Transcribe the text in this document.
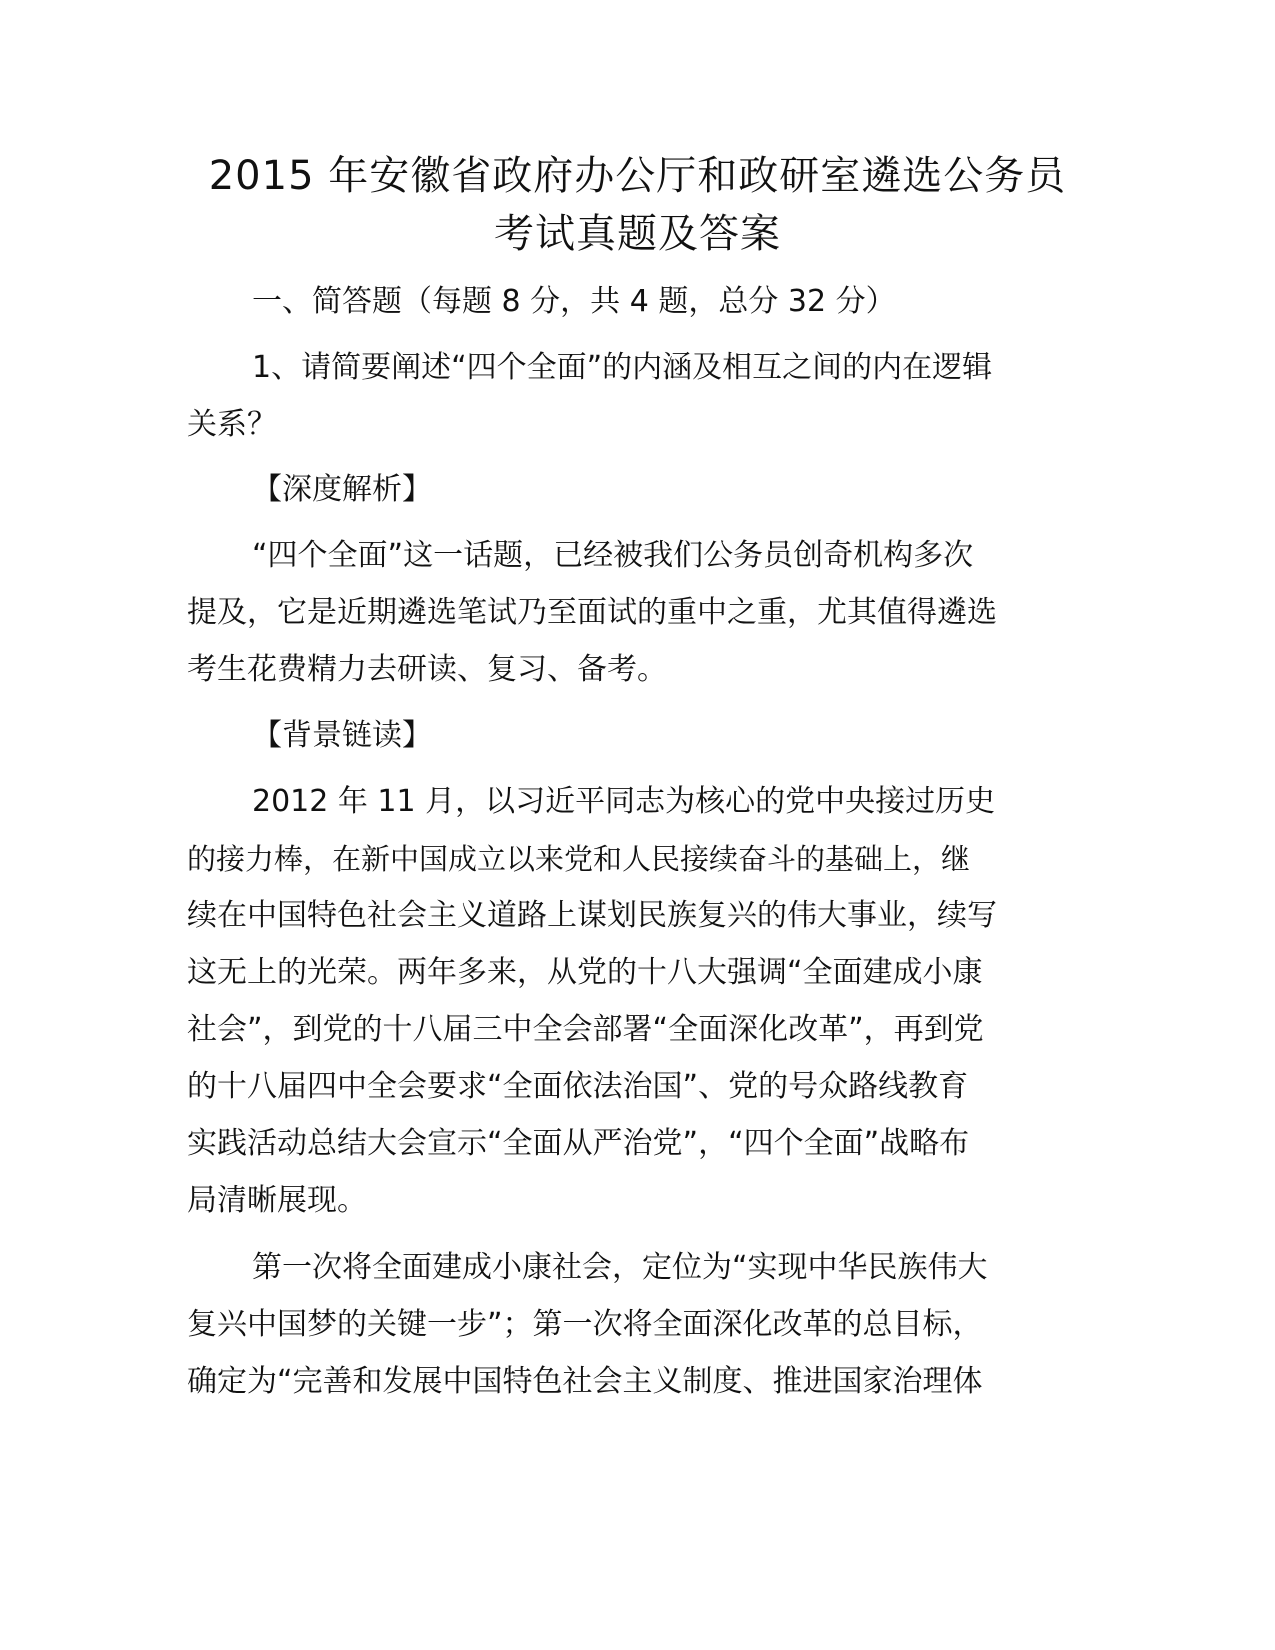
2015 年安徽省政府办公厅和政研室遴选公务员
考试真题及答案
一、简答题（每题 8 分，共 4 题，总分 32 分）
1、请简要阐述“四个全面”的内涵及相互之间的内在逻辑
关系？
【深度解析】
“四个全面”这一话题，已经被我们公务员创奇机构多次
提及，它是近期遴选笔试乃至面试的重中之重，尤其值得遴选
考生花费精力去研读、复习、备考。
【背景链读】
2012 年 11 月，以习近平同志为核心的党中央接过历史
的接力棒，在新中国成立以来党和人民接续奋斗的基础上，继
续在中国特色社会主义道路上谋划民族复兴的伟大事业，续写
这无上的光荣。两年多来，从党的十八大强调“全面建成小康
社会”，到党的十八届三中全会部署“全面深化改革”，再到党
的十八届四中全会要求“全面依法治国”、党的号众路线教育
实践活动总结大会宣示“全面从严治党”，“四个全面”战略布
局清晰展现。
第一次将全面建成小康社会，定位为“实现中华民族伟大
复兴中国梦的关键一步”；第一次将全面深化改革的总目标，
确定为“完善和发展中国特色社会主义制度、推进国家治理体
